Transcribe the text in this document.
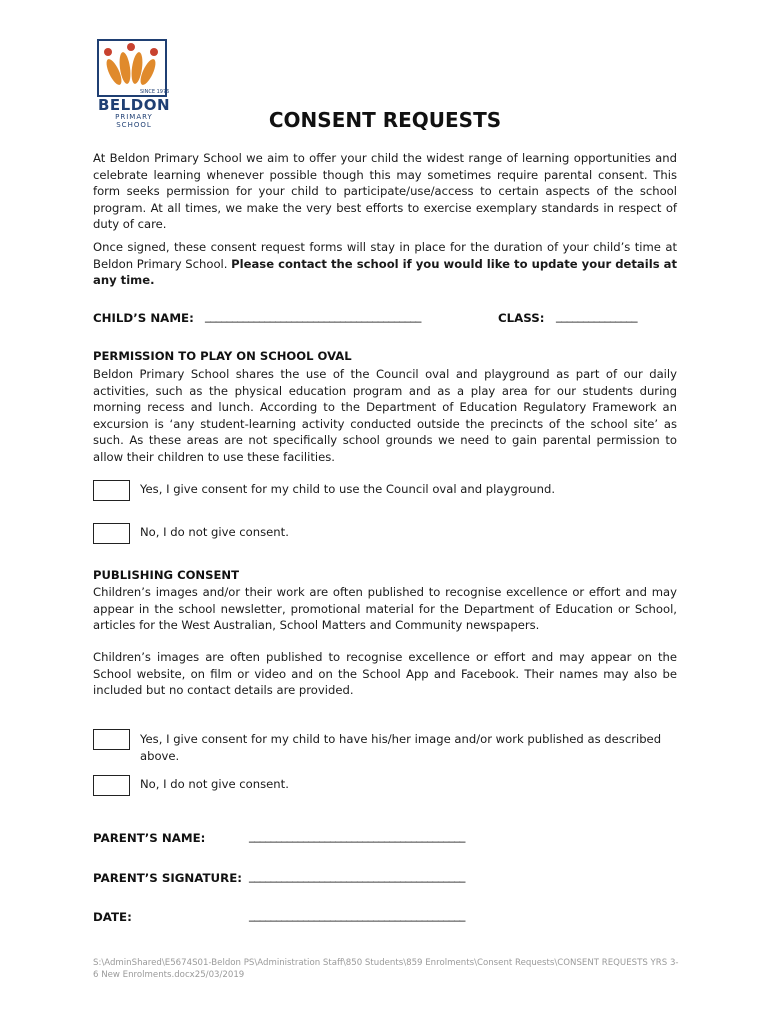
SINCE 1976
BELDON
PRIMARY SCHOOL	CONSENT REQUESTS
At Beldon Primary School we aim to offer your child the widest range of learning opportunities and celebrate learning whenever possible though this may sometimes require parental consent. This form seeks permission for your child to participate/use/access to certain aspects of the school program. At all times, we make the very best efforts to exercise exemplary standards in respect of duty of care.
Once signed, these consent request forms will stay in place for the duration of your child’s time at Beldon Primary School. Please contact the school if you would like to update your details at any time.
CHILD’S NAME: ________________________________________	CLASS: _______________
PERMISSION TO PLAY ON SCHOOL OVAL
Beldon Primary School shares the use of the Council oval and playground as part of our daily activities, such as the physical education program and as a play area for our students during morning recess and lunch. According to the Department of Education Regulatory Framework an excursion is ‘any student-learning activity conducted outside the precincts of the school site’ as such. As these areas are not specifically school grounds we need to gain parental permission to allow their children to use these facilities.
Yes, I give consent for my child to use the Council oval and playground.
No, I do not give consent.
PUBLISHING CONSENT
Children’s images and/or their work are often published to recognise excellence or effort and may appear in the school newsletter, promotional material for the Department of Education or School, articles for the West Australian, School Matters and Community newspapers.
Children’s images are often published to recognise excellence or effort and may appear on the School website, on film or video and on the School App and Facebook. Their names may also be included but no contact details are provided.
Yes, I give consent for my child to have his/her image and/or work published as described above.
No, I do not give consent.
PARENT’S NAME:	________________________________________
PARENT’S SIGNATURE: ________________________________________
DATE:	________________________________________
S:\AdminShared\E5674S01-Beldon PS\Administration Staff\850 Students\859 Enrolments\Consent Requests\CONSENT REQUESTS YRS 3-6 New Enrolments.docx25/03/2019
